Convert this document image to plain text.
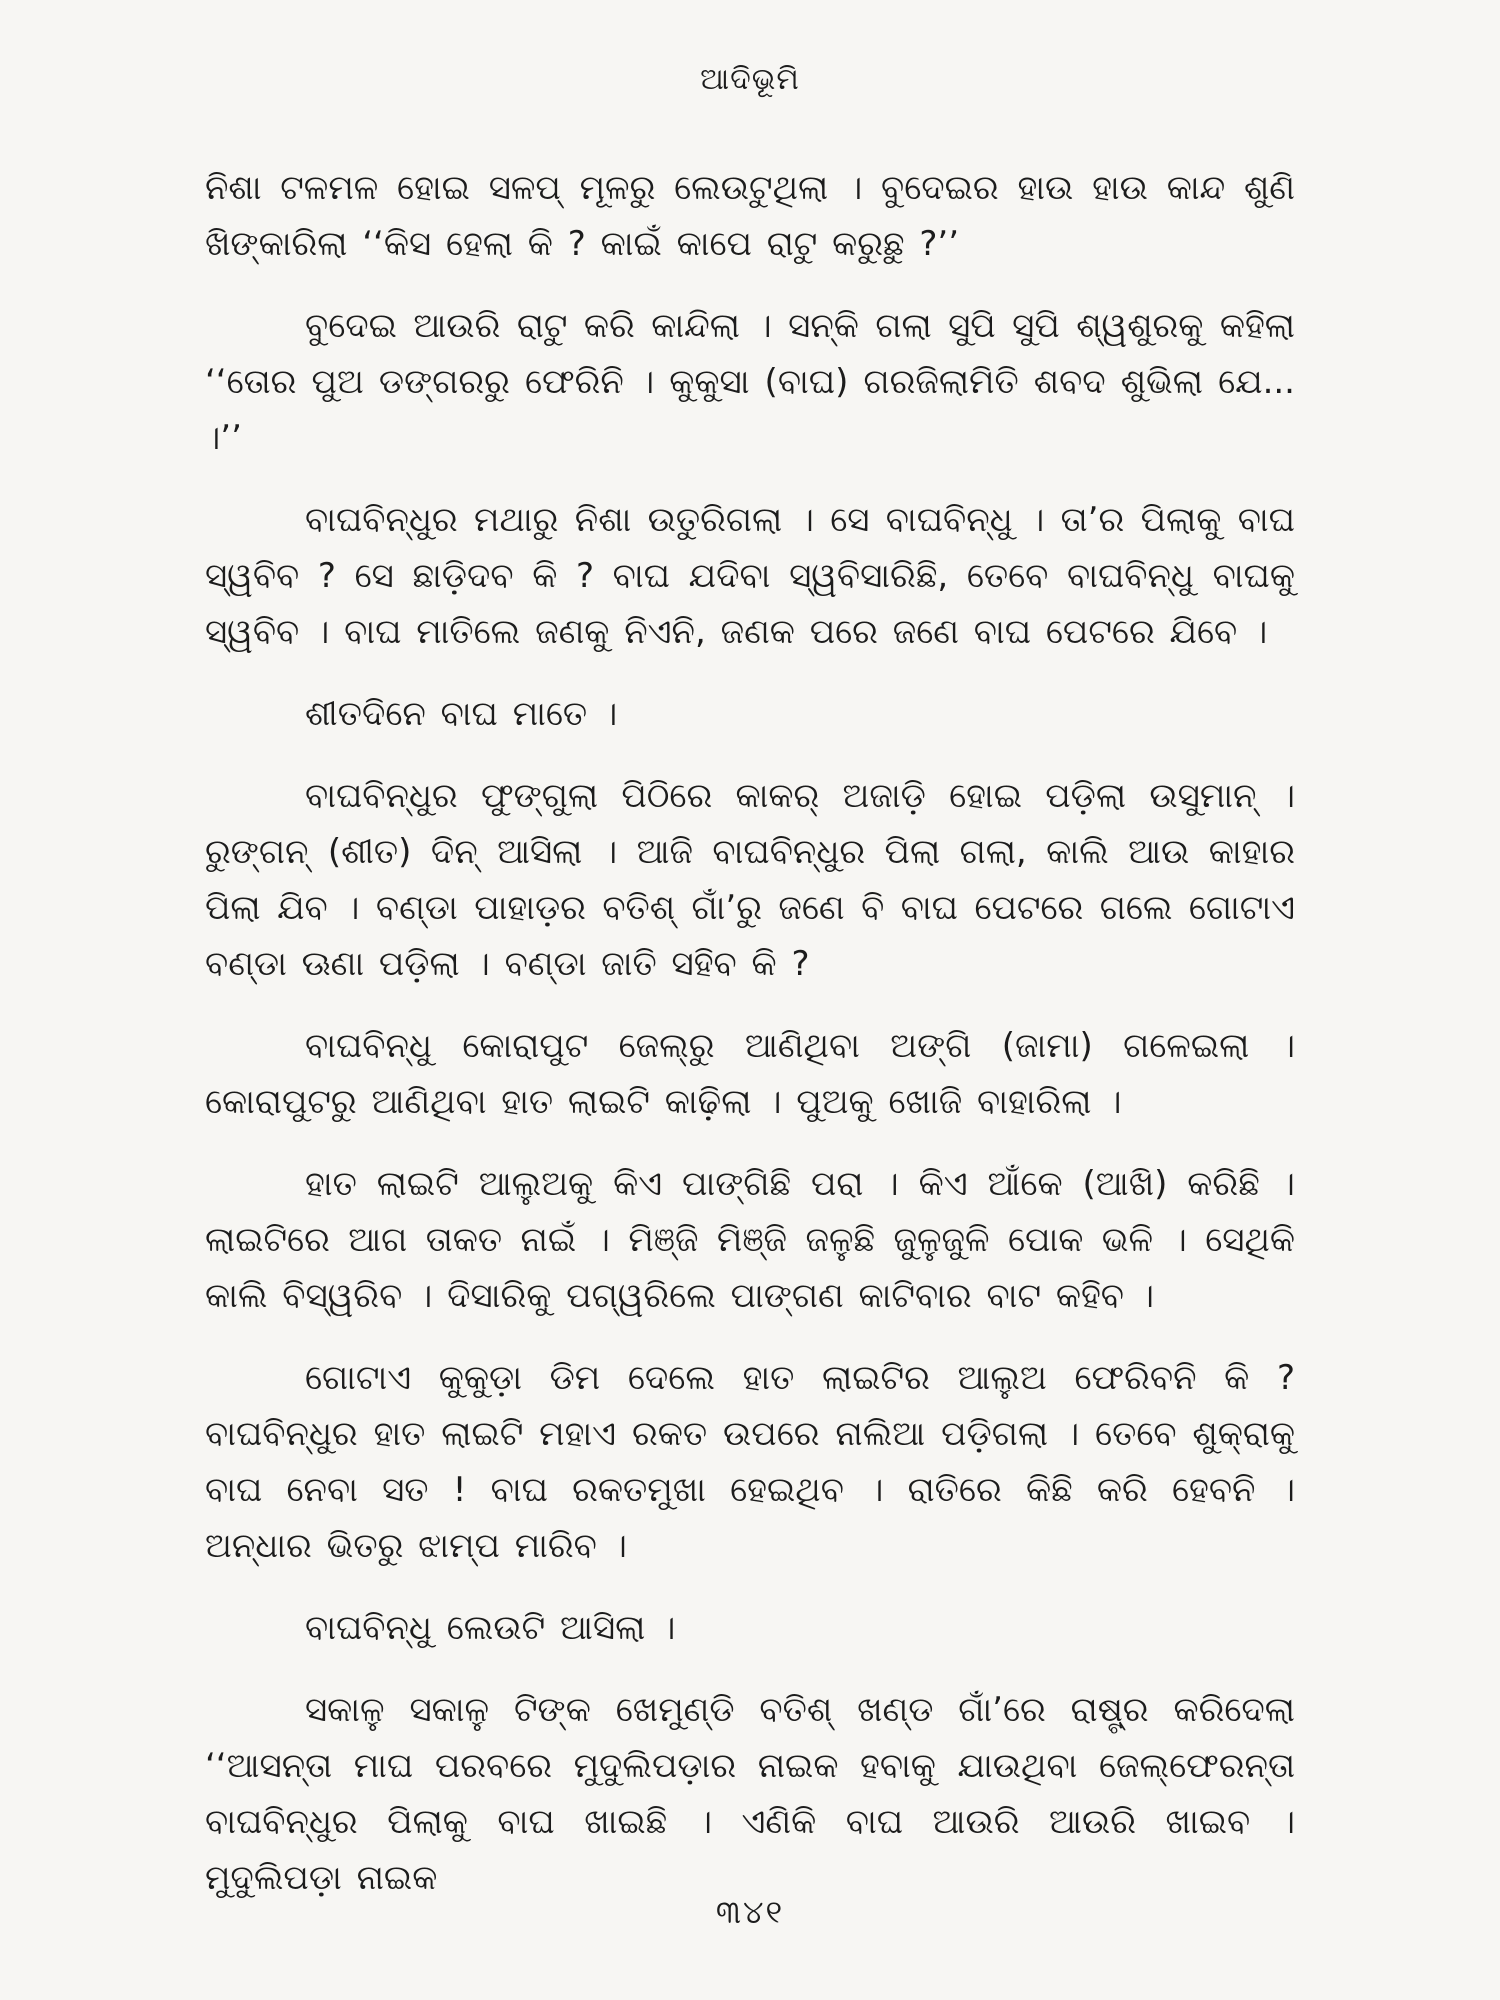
ଆଦିଭୂମି

ନିଶା ଟଳମଳ ହୋଇ ସଳପ୍ ମୂଳରୁ ଲେଉଟୁଥିଲା । ବୁଦେଇର ହାଉ ହାଉ କାନ୍ଦ ଶୁଣି ଖିଙ୍କାରିଲା ‘‘କିସ ହେଲା କି ? କାଇଁ କାପେ ରାଟୁ କରୁଛୁ ?’’

ବୁଦେଇ ଆଉରି ରାଟୁ କରି କାନ୍ଦିଲା । ସନ୍‌କି ଗଲା ସୁପି ସୁପି ଶ୍ୱଶୁରକୁ କହିଲା ‘‘ତୋର ପୁଅ ଡଙ୍ଗରରୁ ଫେରିନି । କୁକୁସା (ବାଘ) ଗରଜିଲାମିତି ଶବଦ ଶୁଭିଲା ଯେ... ।’’

ବାଘବିନ୍ଧୁର ମଥାରୁ ନିଶା ଉତୁରିଗଲା । ସେ ବାଘବିନ୍ଧୁ । ତା’ର ପିଲାକୁ ବାଘ ସ୍ୱବିବ ? ସେ ଛାଡ଼ିଦବ କି ? ବାଘ ଯଦିବା ସ୍ୱବିସାରିଛି, ତେବେ ବାଘବିନ୍ଧୁ ବାଘକୁ ସ୍ୱବିବ । ବାଘ ମାତିଲେ ଜଣକୁ ନିଏନି, ଜଣକ ପରେ ଜଣେ ବାଘ ପେଟରେ ଯିବେ ।

ଶୀତଦିନେ ବାଘ ମାତେ ।

ବାଘବିନ୍ଧୁର ଫୁଙ୍ଗୁଲା ପିଠିରେ କାକର୍ ଅଜାଡ଼ି ହୋଇ ପଡ଼ିଲା ଉସୁମାନ୍ । ରୁଙ୍ଗନ୍ (ଶୀତ) ଦିନ୍ ଆସିଲା । ଆଜି ବାଘବିନ୍ଧୁର ପିଲା ଗଲା, କାଲି ଆଉ କାହାର ପିଲା ଯିବ । ବଣ୍ଡା ପାହାଡ଼ର ବତିଶ୍ ଗାଁ’ରୁ ଜଣେ ବି ବାଘ ପେଟରେ ଗଲେ ଗୋଟାଏ ବଣ୍ଡା ଊଣା ପଡ଼ିଲା । ବଣ୍ଡା ଜାତି ସହିବ କି ?

ବାଘବିନ୍ଧୁ କୋରାପୁଟ ଜେଲ୍‌ରୁ ଆଣିଥିବା ଅଙ୍ଗି (ଜାମା) ଗଳେଇଲା । କୋରାପୁଟରୁ ଆଣିଥିବା ହାତ ଲାଇଟି କାଢ଼ିଲା । ପୁଅକୁ ଖୋଜି ବାହାରିଲା ।

ହାତ ଲାଇଟି ଆଲୁଅକୁ କିଏ ପାଙ୍ଗିଛି ପରା । କିଏ ଆଁକେ (ଆଖି) କରିଛି । ଲାଇଟିରେ ଆଗ ତାକତ ନାଇଁ । ମିଞ୍ଜି ମିଞ୍ଜି ଜଳୁଛି ଜୁଳୁଜୁଳି ପୋକ ଭଳି । ସେଥିକି କାଲି ବିସ୍ୱରିବ । ଦିସାରିକୁ ପଗ୍ୱରିଲେ ପାଙ୍ଗଣ କାଟିବାର ବାଟ କହିବ ।

ଗୋଟାଏ କୁକୁଡ଼ା ଡିମ ଦେଲେ ହାତ ଲାଇଟିର ଆଲୁଅ ଫେରିବନି କି ? ବାଘବିନ୍ଧୁର ହାତ ଲାଇଟି ମହାଏ ରକତ ଉପରେ ନାଲିଆ ପଡ଼ିଗଲା । ତେବେ ଶୁକ୍ରାକୁ ବାଘ ନେବା ସତ ! ବାଘ ରକତମୁଖା ହେଇଥିବ । ରାତିରେ କିଛି କରି ହେବନି । ଅନ୍ଧାର ଭିତରୁ ଝାମ୍ପ ମାରିବ ।

ବାଘବିନ୍ଧୁ ଲେଉଟି ଆସିଲା ।

ସକାଳୁ ସକାଳୁ ଟିଙ୍କ ଖେମୁଣ୍ଡି ବତିଶ୍ ଖଣ୍ଡ ଗାଁ’ରେ ରାଷ୍ଟ୍ର କରିଦେଲା ‘‘ଆସନ୍ତା ମାଘ ପରବରେ ମୁଦୁଲିପଡ଼ାର ନାଇକ ହବାକୁ ଯାଉଥିବା ଜେଲ୍‌ଫେରନ୍ତା ବାଘବିନ୍ଧୁର ପିଲାକୁ ବାଘ ଖାଇଛି । ଏଣିକି ବାଘ ଆଉରି ଆଉରି ଖାଇବ । ମୁଦୁଲିପଡ଼ା ନାଇକ

୩୪୧
